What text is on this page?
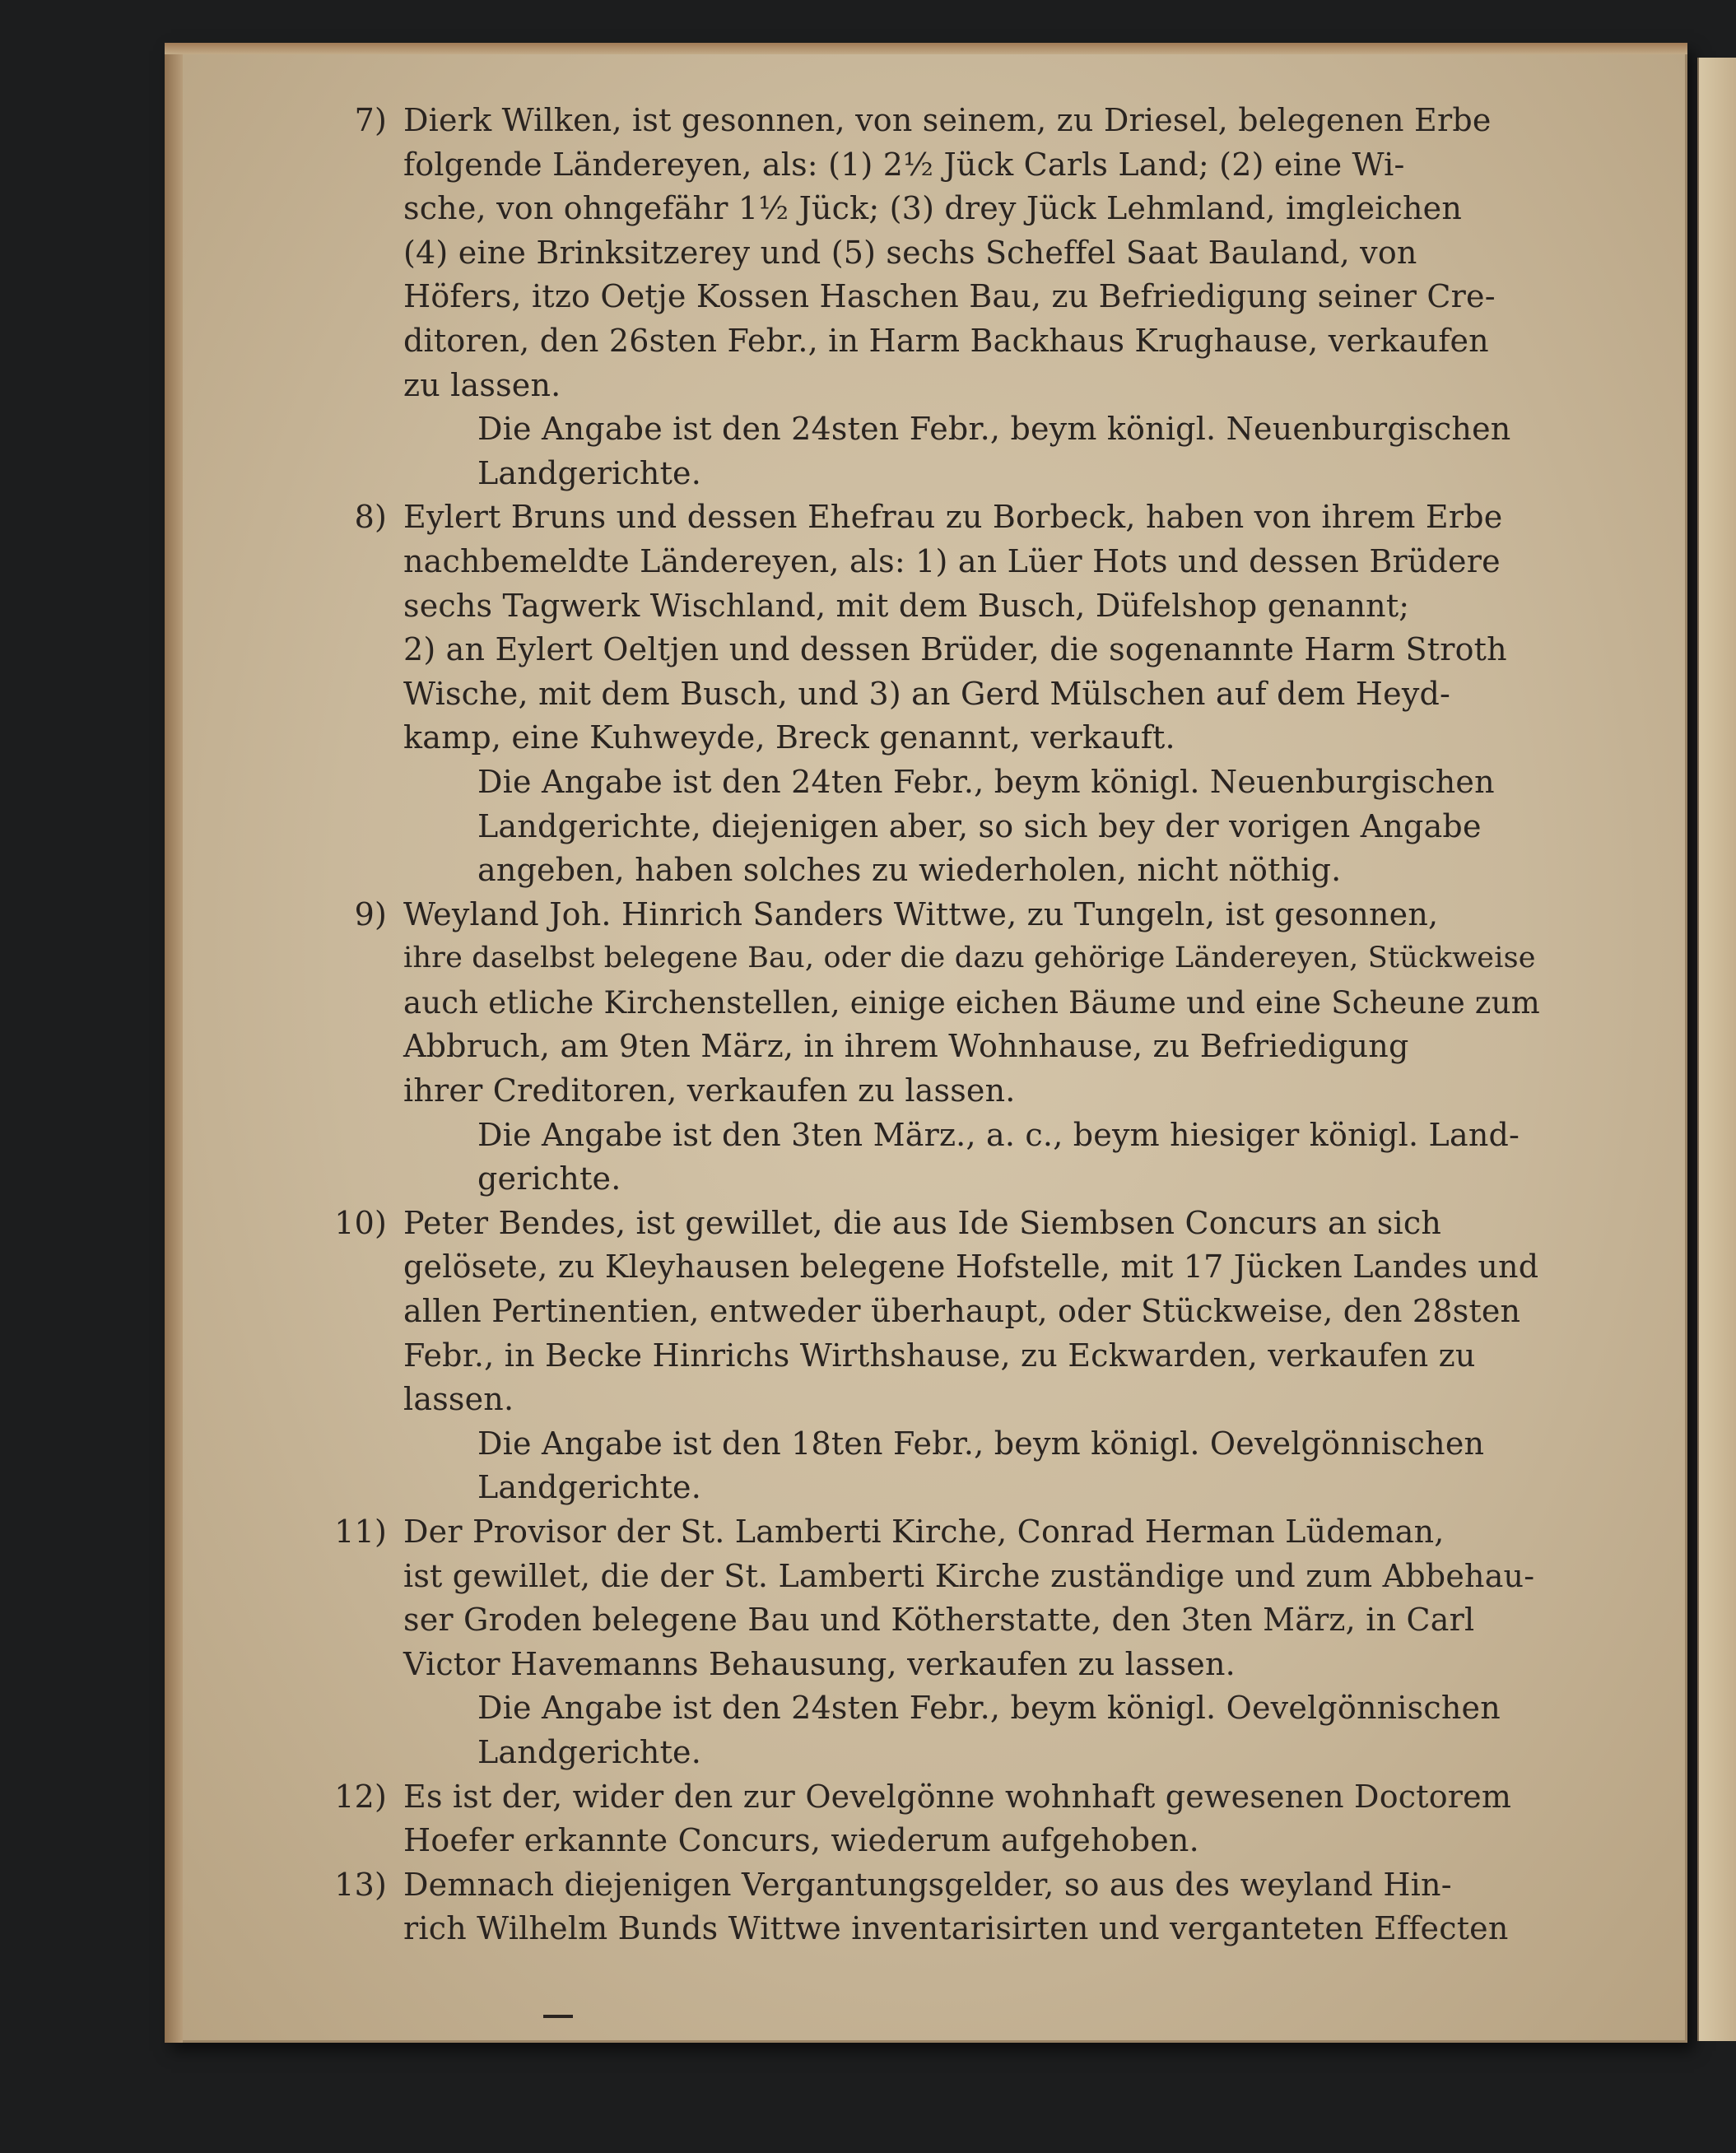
7) Dierk Wilken, ist gesonnen, von seinem, zu Driesel, belegenen Erbe
folgende Ländereyen, als: (1) 2½ Jück Carls Land; (2) eine Wi-
sche, von ohngefähr 1½ Jück; (3) drey Jück Lehmland, imgleichen
(4) eine Brinksitzerey und (5) sechs Scheffel Saat Bauland, von
Höfers, itzo Oetje Kossen Haschen Bau, zu Befriedigung seiner Cre-
ditoren, den 26sten Febr., in Harm Backhaus Krughause, verkaufen
zu lassen.
Die Angabe ist den 24sten Febr., beym königl. Neuenburgischen
Landgerichte.
8) Eylert Bruns und dessen Ehefrau zu Borbeck, haben von ihrem Erbe
nachbemeldte Ländereyen, als: 1) an Lüer Hots und dessen Brüdere
sechs Tagwerk Wischland, mit dem Busch, Düfelshop genannt;
2) an Eylert Oeltjen und dessen Brüder, die sogenannte Harm Stroth
Wische, mit dem Busch, und 3) an Gerd Mülschen auf dem Heyd-
kamp, eine Kuhweyde, Breck genannt, verkauft.
Die Angabe ist den 24ten Febr., beym königl. Neuenburgischen
Landgerichte, diejenigen aber, so sich bey der vorigen Angabe
angeben, haben solches zu wiederholen, nicht nöthig.
9) Weyland Joh. Hinrich Sanders Wittwe, zu Tungeln, ist gesonnen,
ihre daselbst belegene Bau, oder die dazu gehörige Ländereyen, Stückweise
auch etliche Kirchenstellen, einige eichen Bäume und eine Scheune zum
Abbruch, am 9ten März, in ihrem Wohnhause, zu Befriedigung
ihrer Creditoren, verkaufen zu lassen.
Die Angabe ist den 3ten März., a. c., beym hiesiger königl. Land-
gerichte.
10) Peter Bendes, ist gewillet, die aus Ide Siembsen Concurs an sich
gelösete, zu Kleyhausen belegene Hofstelle, mit 17 Jücken Landes und
allen Pertinentien, entweder überhaupt, oder Stückweise, den 28sten
Febr., in Becke Hinrichs Wirthshause, zu Eckwarden, verkaufen zu
lassen.
Die Angabe ist den 18ten Febr., beym königl. Oevelgönnischen
Landgerichte.
11) Der Provisor der St. Lamberti Kirche, Conrad Herman Lüdeman,
ist gewillet, die der St. Lamberti Kirche zuständige und zum Abbehau-
ser Groden belegene Bau und Kötherstatte, den 3ten März, in Carl
Victor Havemanns Behausung, verkaufen zu lassen.
Die Angabe ist den 24sten Febr., beym königl. Oevelgönnischen
Landgerichte.
12) Es ist der, wider den zur Oevelgönne wohnhaft gewesenen Doctorem
Hoefer erkannte Concurs, wiederum aufgehoben.
13) Demnach diejenigen Vergantungsgelder, so aus des weyland Hin-
rich Wilhelm Bunds Wittwe inventarisirten und verganteten Effecten
